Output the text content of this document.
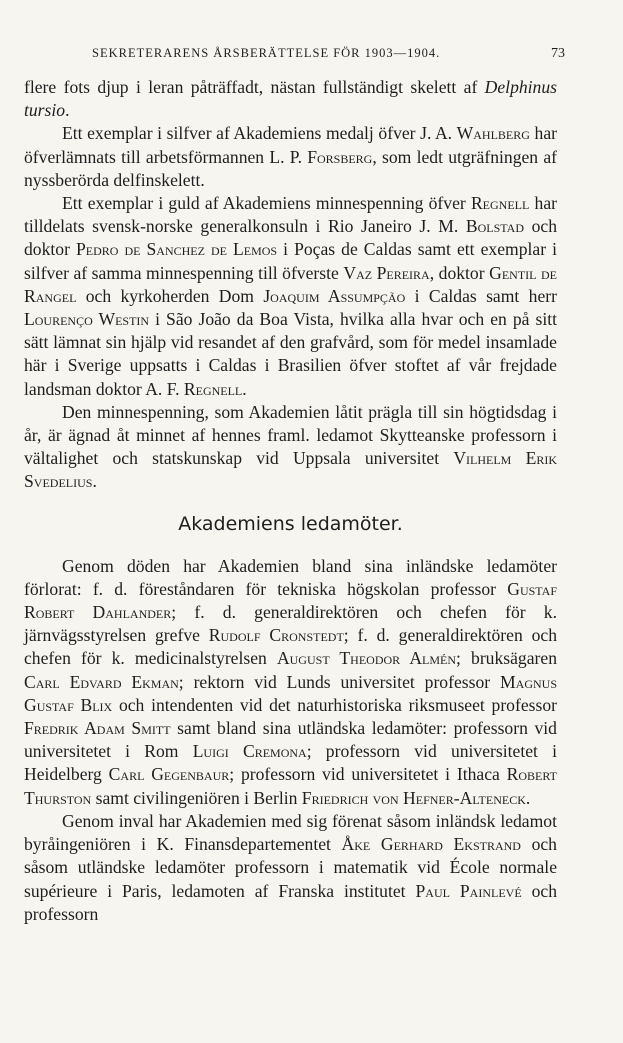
SEKRETERARENS ÅRSBERÄTTELSE FÖR 1903—1904.	73

flere fots djup i leran påträffadt, nästan fullständigt skelett af Delphinus tursio.

Ett exemplar i silfver af Akademiens medalj öfver J. A. Wahlberg har öfverlämnats till arbetsförmannen L. P. Forsberg, som ledt utgräfningen af nyssberörda delfinskelett.

Ett exemplar i guld af Akademiens minnespenning öfver Regnell har tilldelats svensk-norske generalkonsuln i Rio Janeiro J. M. Bolstad och doktor Pedro de Sanchez de Lemos i Poças de Caldas samt ett exemplar i silfver af samma minnespenning till öfverste Vaz Pereira, doktor Gentil de Rangel och kyrkoherden Dom Joaquim Assumpção i Caldas samt herr Lourenço Westin i São João da Boa Vista, hvilka alla hvar och en på sitt sätt lämnat sin hjälp vid resandet af den grafvård, som för medel insamlade här i Sverige uppsatts i Caldas i Brasilien öfver stoftet af vår frejdade landsman doktor A. F. Regnell.

Den minnespenning, som Akademien låtit prägla till sin högtidsdag i år, är ägnad åt minnet af hennes framl. ledamot Skytteanske professorn i vältalighet och statskunskap vid Uppsala universitet Vilhelm Erik Svedelius.

Akademiens ledamöter.

Genom döden har Akademien bland sina inländske ledamöter förlorat: f. d. föreståndaren för tekniska högskolan professor Gustaf Robert Dahlander; f. d. generaldirektören och chefen för k. järnvägsstyrelsen grefve Rudolf Cronstedt; f. d. generaldirektören och chefen för k. medicinalstyrelsen August Theodor Almén; bruksägaren Carl Edvard Ekman; rektorn vid Lunds universitet professor Magnus Gustaf Blix och intendenten vid det naturhistoriska riksmuseet professor Fredrik Adam Smitt samt bland sina utländska ledamöter: professorn vid universitetet i Rom Luigi Cremona; professorn vid universitetet i Heidelberg Carl Gegenbaur; professorn vid universitetet i Ithaca Robert Thurston samt civilingeniören i Berlin Friedrich von Hefner-Alteneck.

Genom inval har Akademien med sig förenat såsom inländsk ledamot byråingeniören i K. Finansdepartementet Åke Gerhard Ekstrand och såsom utländske ledamöter professorn i matematik vid École normale supérieure i Paris, ledamoten af Franska institutet Paul Painlevé och professorn
